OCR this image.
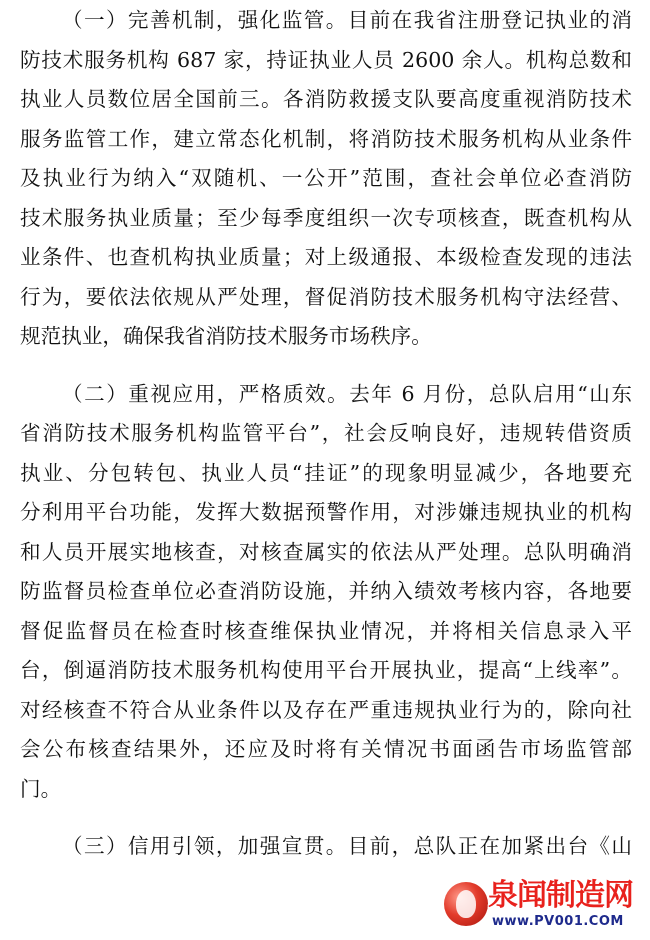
（一）完善机制，强化监管。目前在我省注册登记执业的消
防技术服务机构 687 家，持证执业人员 2600 余人。机构总数和
执业人员数位居全国前三。各消防救援支队要高度重视消防技术
服务监管工作，建立常态化机制，将消防技术服务机构从业条件
及执业行为纳入“双随机、一公开”范围，查社会单位必查消防
技术服务执业质量；至少每季度组织一次专项核查，既查机构从
业条件、也查机构执业质量；对上级通报、本级检查发现的违法
行为，要依法依规从严处理，督促消防技术服务机构守法经营、
规范执业，确保我省消防技术服务市场秩序。
（二）重视应用，严格质效。去年 6 月份，总队启用“山东
省消防技术服务机构监管平台”，社会反响良好，违规转借资质
执业、分包转包、执业人员“挂证”的现象明显减少，各地要充
分利用平台功能，发挥大数据预警作用，对涉嫌违规执业的机构
和人员开展实地核查，对核查属实的依法从严处理。总队明确消
防监督员检查单位必查消防设施，并纳入绩效考核内容，各地要
督促监督员在检查时核查维保执业情况，并将相关信息录入平
台，倒逼消防技术服务机构使用平台开展执业，提高“上线率”。
对经核查不符合从业条件以及存在严重违规执业行为的，除向社
会公布核查结果外，还应及时将有关情况书面函告市场监管部
门。
（三）信用引领，加强宣贯。目前，总队正在加紧出台《山
泉闻制造网
www.PV001.COM
